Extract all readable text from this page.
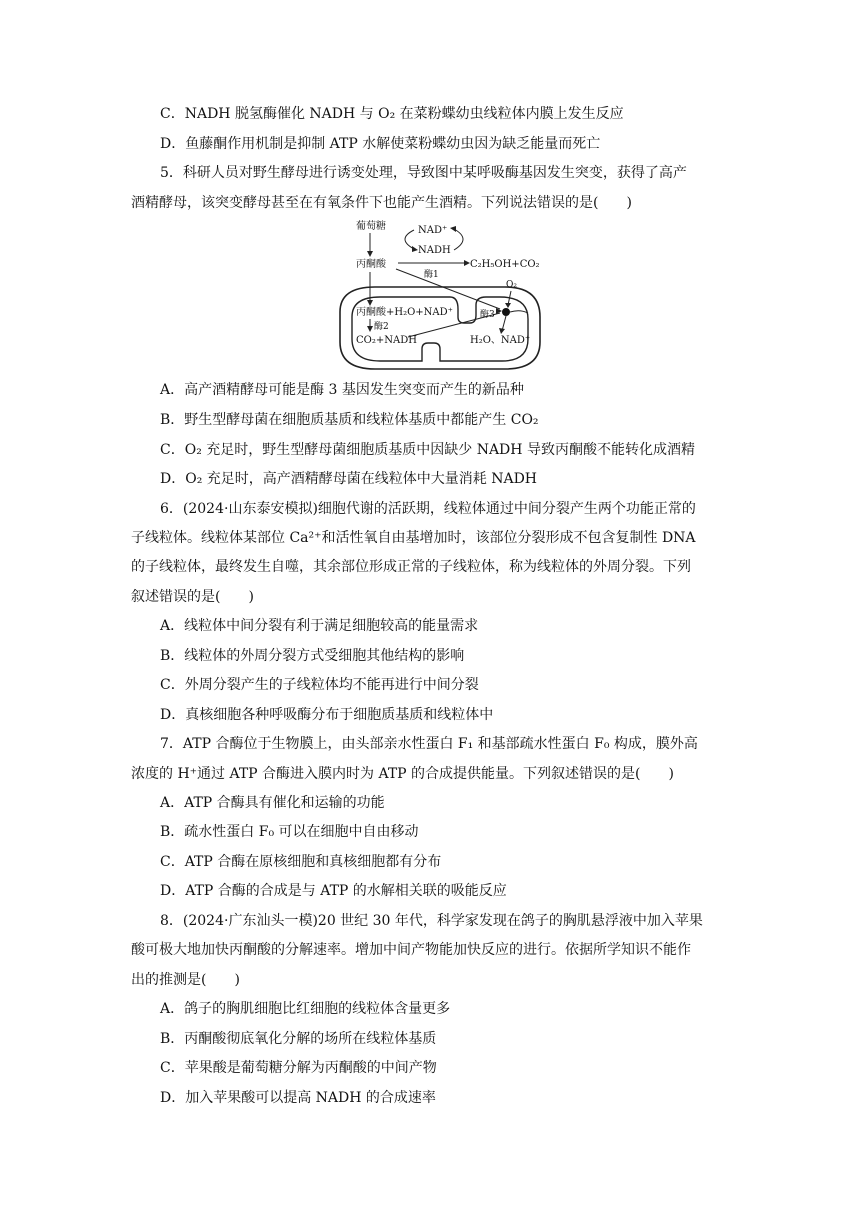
C．NADH 脱氢酶催化 NADH 与 O₂ 在菜粉蝶幼虫线粒体内膜上发生反应
D．鱼藤酮作用机制是抑制 ATP 水解使菜粉蝶幼虫因为缺乏能量而死亡
5．科研人员对野生酵母进行诱变处理，导致图中某呼吸酶基因发生突变，获得了高产
酒精酵母，该突变酵母甚至在有氧条件下也能产生酒精。下列说法错误的是(　　)
葡萄糖
丙酮酸
NAD⁺
NADH
酶1
C₂H₅OH+CO₂
O₂
酶3
丙酮酸+H₂O+NAD⁺
酶2
CO₂+NADH	H₂O、NAD⁺
A．高产酒精酵母可能是酶 3 基因发生突变而产生的新品种
B．野生型酵母菌在细胞质基质和线粒体基质中都能产生 CO₂
C．O₂ 充足时，野生型酵母菌细胞质基质中因缺少 NADH 导致丙酮酸不能转化成酒精
D．O₂ 充足时，高产酒精酵母菌在线粒体中大量消耗 NADH
6．(2024·山东泰安模拟)细胞代谢的活跃期，线粒体通过中间分裂产生两个功能正常的
子线粒体。线粒体某部位 Ca²⁺和活性氧自由基增加时，该部位分裂形成不包含复制性 DNA
的子线粒体，最终发生自噬，其余部位形成正常的子线粒体，称为线粒体的外周分裂。下列
叙述错误的是(　　)
A．线粒体中间分裂有利于满足细胞较高的能量需求
B．线粒体的外周分裂方式受细胞其他结构的影响
C．外周分裂产生的子线粒体均不能再进行中间分裂
D．真核细胞各种呼吸酶分布于细胞质基质和线粒体中
7．ATP 合酶位于生物膜上，由头部亲水性蛋白 F₁ 和基部疏水性蛋白 F₀ 构成，膜外高
浓度的 H⁺通过 ATP 合酶进入膜内时为 ATP 的合成提供能量。下列叙述错误的是(　　)
A．ATP 合酶具有催化和运输的功能
B．疏水性蛋白 F₀ 可以在细胞中自由移动
C．ATP 合酶在原核细胞和真核细胞都有分布
D．ATP 合酶的合成是与 ATP 的水解相关联的吸能反应
8．(2024·广东汕头一模)20 世纪 30 年代，科学家发现在鸽子的胸肌悬浮液中加入苹果
酸可极大地加快丙酮酸的分解速率。增加中间产物能加快反应的进行。依据所学知识不能作
出的推测是(　　)
A．鸽子的胸肌细胞比红细胞的线粒体含量更多
B．丙酮酸彻底氧化分解的场所在线粒体基质
C．苹果酸是葡萄糖分解为丙酮酸的中间产物
D．加入苹果酸可以提高 NADH 的合成速率
